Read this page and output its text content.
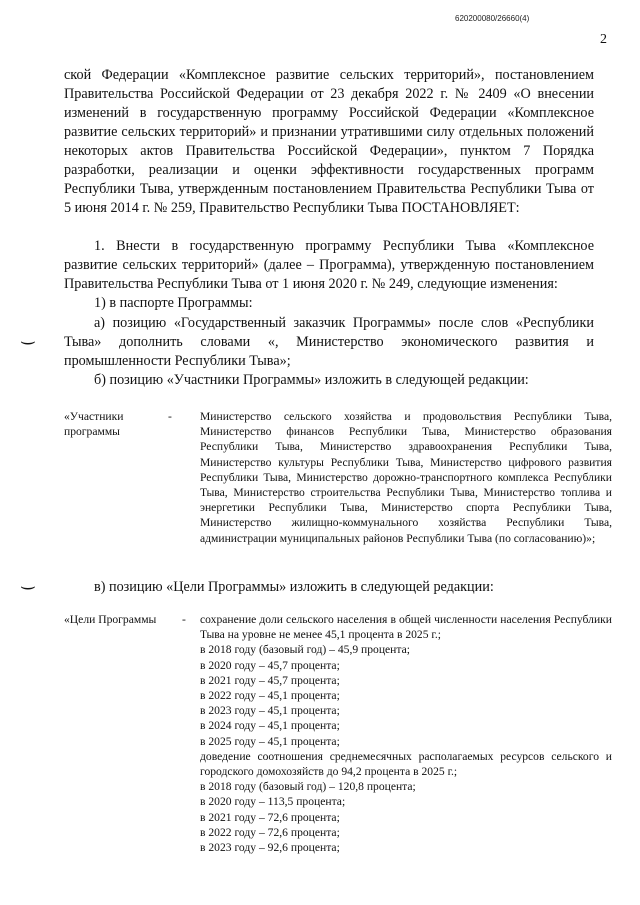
620200080/26660(4)
2
⌣
⌣

ской Федерации «Комплексное развитие сельских территорий», постановлением Правительства Российской Федерации от 23 декабря 2022 г. № 2409 «О внесении изменений в государственную программу Российской Федерации «Комплексное развитие сельских территорий» и признании утратившими силу отдельных положений некоторых актов Правительства Российской Федерации», пунктом 7 Порядка разработки, реализации и оценки эффективности государственных программ Республики Тыва, утвержденным постановлением Правительства Республики Тыва от 5 июня 2014 г. № 259, Правительство Республики Тыва ПОСТАНОВЛЯЕТ:

1. Внести в государственную программу Республики Тыва «Комплексное развитие сельских территорий» (далее – Программа), утвержденную постановлением Правительства Республики Тыва от 1 июня 2020 г. № 249, следующие изменения:

1) в паспорте Программы:

а) позицию «Государственный заказчик Программы» после слов «Республики Тыва» дополнить словами «, Министерство экономического развития и промышленности Республики Тыва»;

б) позицию «Участники Программы» изложить в следующей редакции:
«Участники программы
-	Министерство сельского хозяйства и продовольствия Республики Тыва, Министерство финансов Республики Тыва, Министерство образования Республики Тыва, Министерство здравоохранения Республики Тыва, Министерство культуры Республики Тыва, Министерство цифрового развития Республики Тыва, Министерство дорожно-транспортного комплекса Республики Тыва, Министерство строительства Республики Тыва, Министерство топлива и энергетики Республики Тыва, Министерство спорта Республики Тыва, Министерство жилищно-коммунального хозяйства Республики Тыва, администрации муниципальных районов Республики Тыва (по согласованию)»;
в) позицию «Цели Программы» изложить в следующей редакции:
«Цели Программы	-	сохранение доли сельского населения в общей численности населения Республики Тыва на уровне не менее 45,1 процента в 2025 г.;

в 2018 году (базовый год) – 45,9 процента;

в 2020 году – 45,7 процента;

в 2021 году – 45,7 процента;

в 2022 году – 45,1 процента;

в 2023 году – 45,1 процента;

в 2024 году – 45,1 процента;

в 2025 году – 45,1 процента;

доведение соотношения среднемесячных располагаемых ресурсов сельского и городского домохозяйств до 94,2 процента в 2025 г.;

в 2018 году (базовый год) – 120,8 процента;

в 2020 году – 113,5 процента;

в 2021 году – 72,6 процента;

в 2022 году – 72,6 процента;

в 2023 году – 92,6 процента;
